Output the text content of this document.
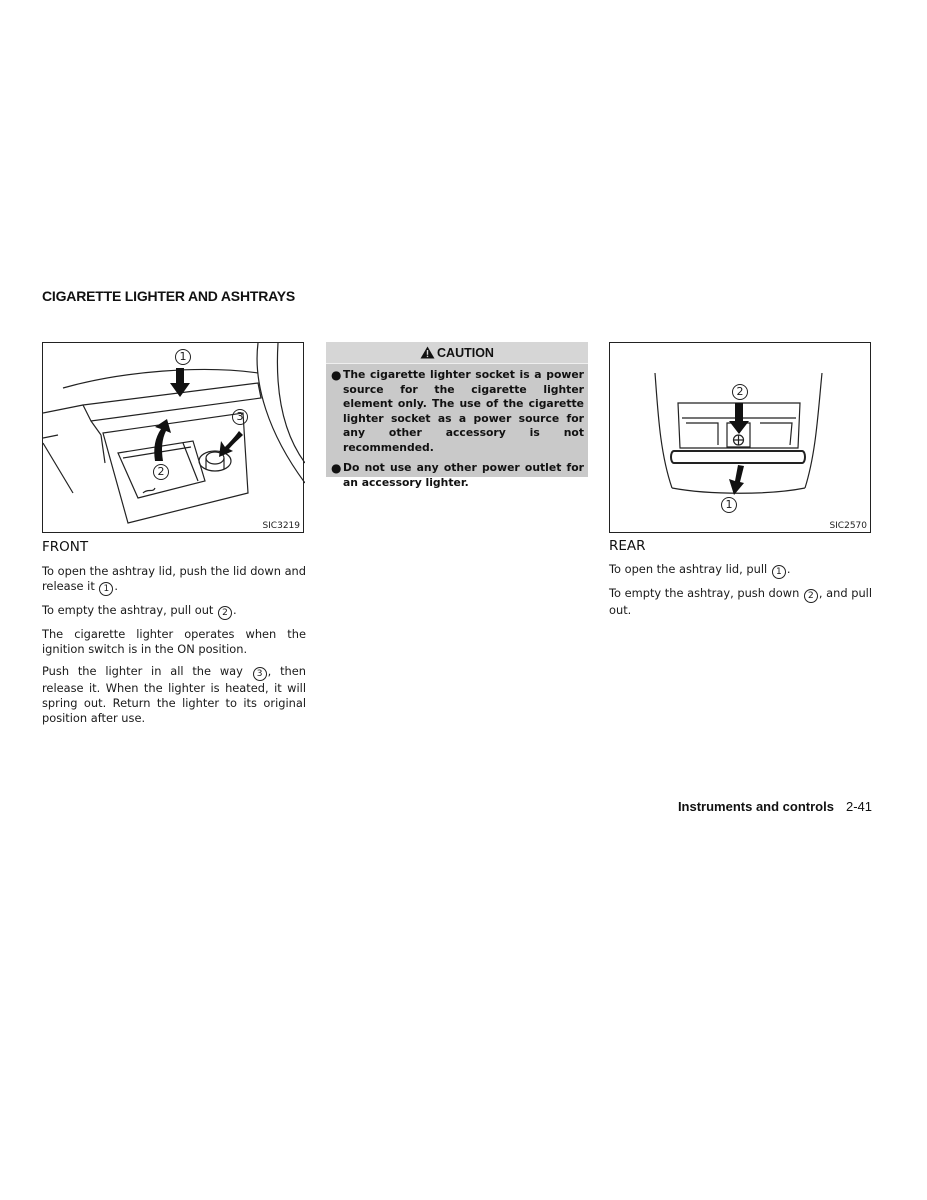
CIGARETTE LIGHTER AND ASHTRAYS
1
2
3
SIC3219
FRONT

To open the ashtray lid, push the lid down and release it 1 .

To empty the ashtray, pull out 2 .

The cigarette lighter operates when the ignition switch is in the ON position.

Push the lighter in all the way 3 , then release it. When the lighter is heated, it will spring out. Return the lighter to its original position after use.

CAUTION
● The cigarette lighter socket is a power source for the cigarette lighter element only. The use of the cigarette lighter socket as a power source for any other accessory is not recommended.
● Do not use any other power outlet for an accessory lighter.
2
1
SIC2570
REAR

To open the ashtray lid, pull 1 .

To empty the ashtray, push down 2 , and pull out.

Instruments and controls 2-41
